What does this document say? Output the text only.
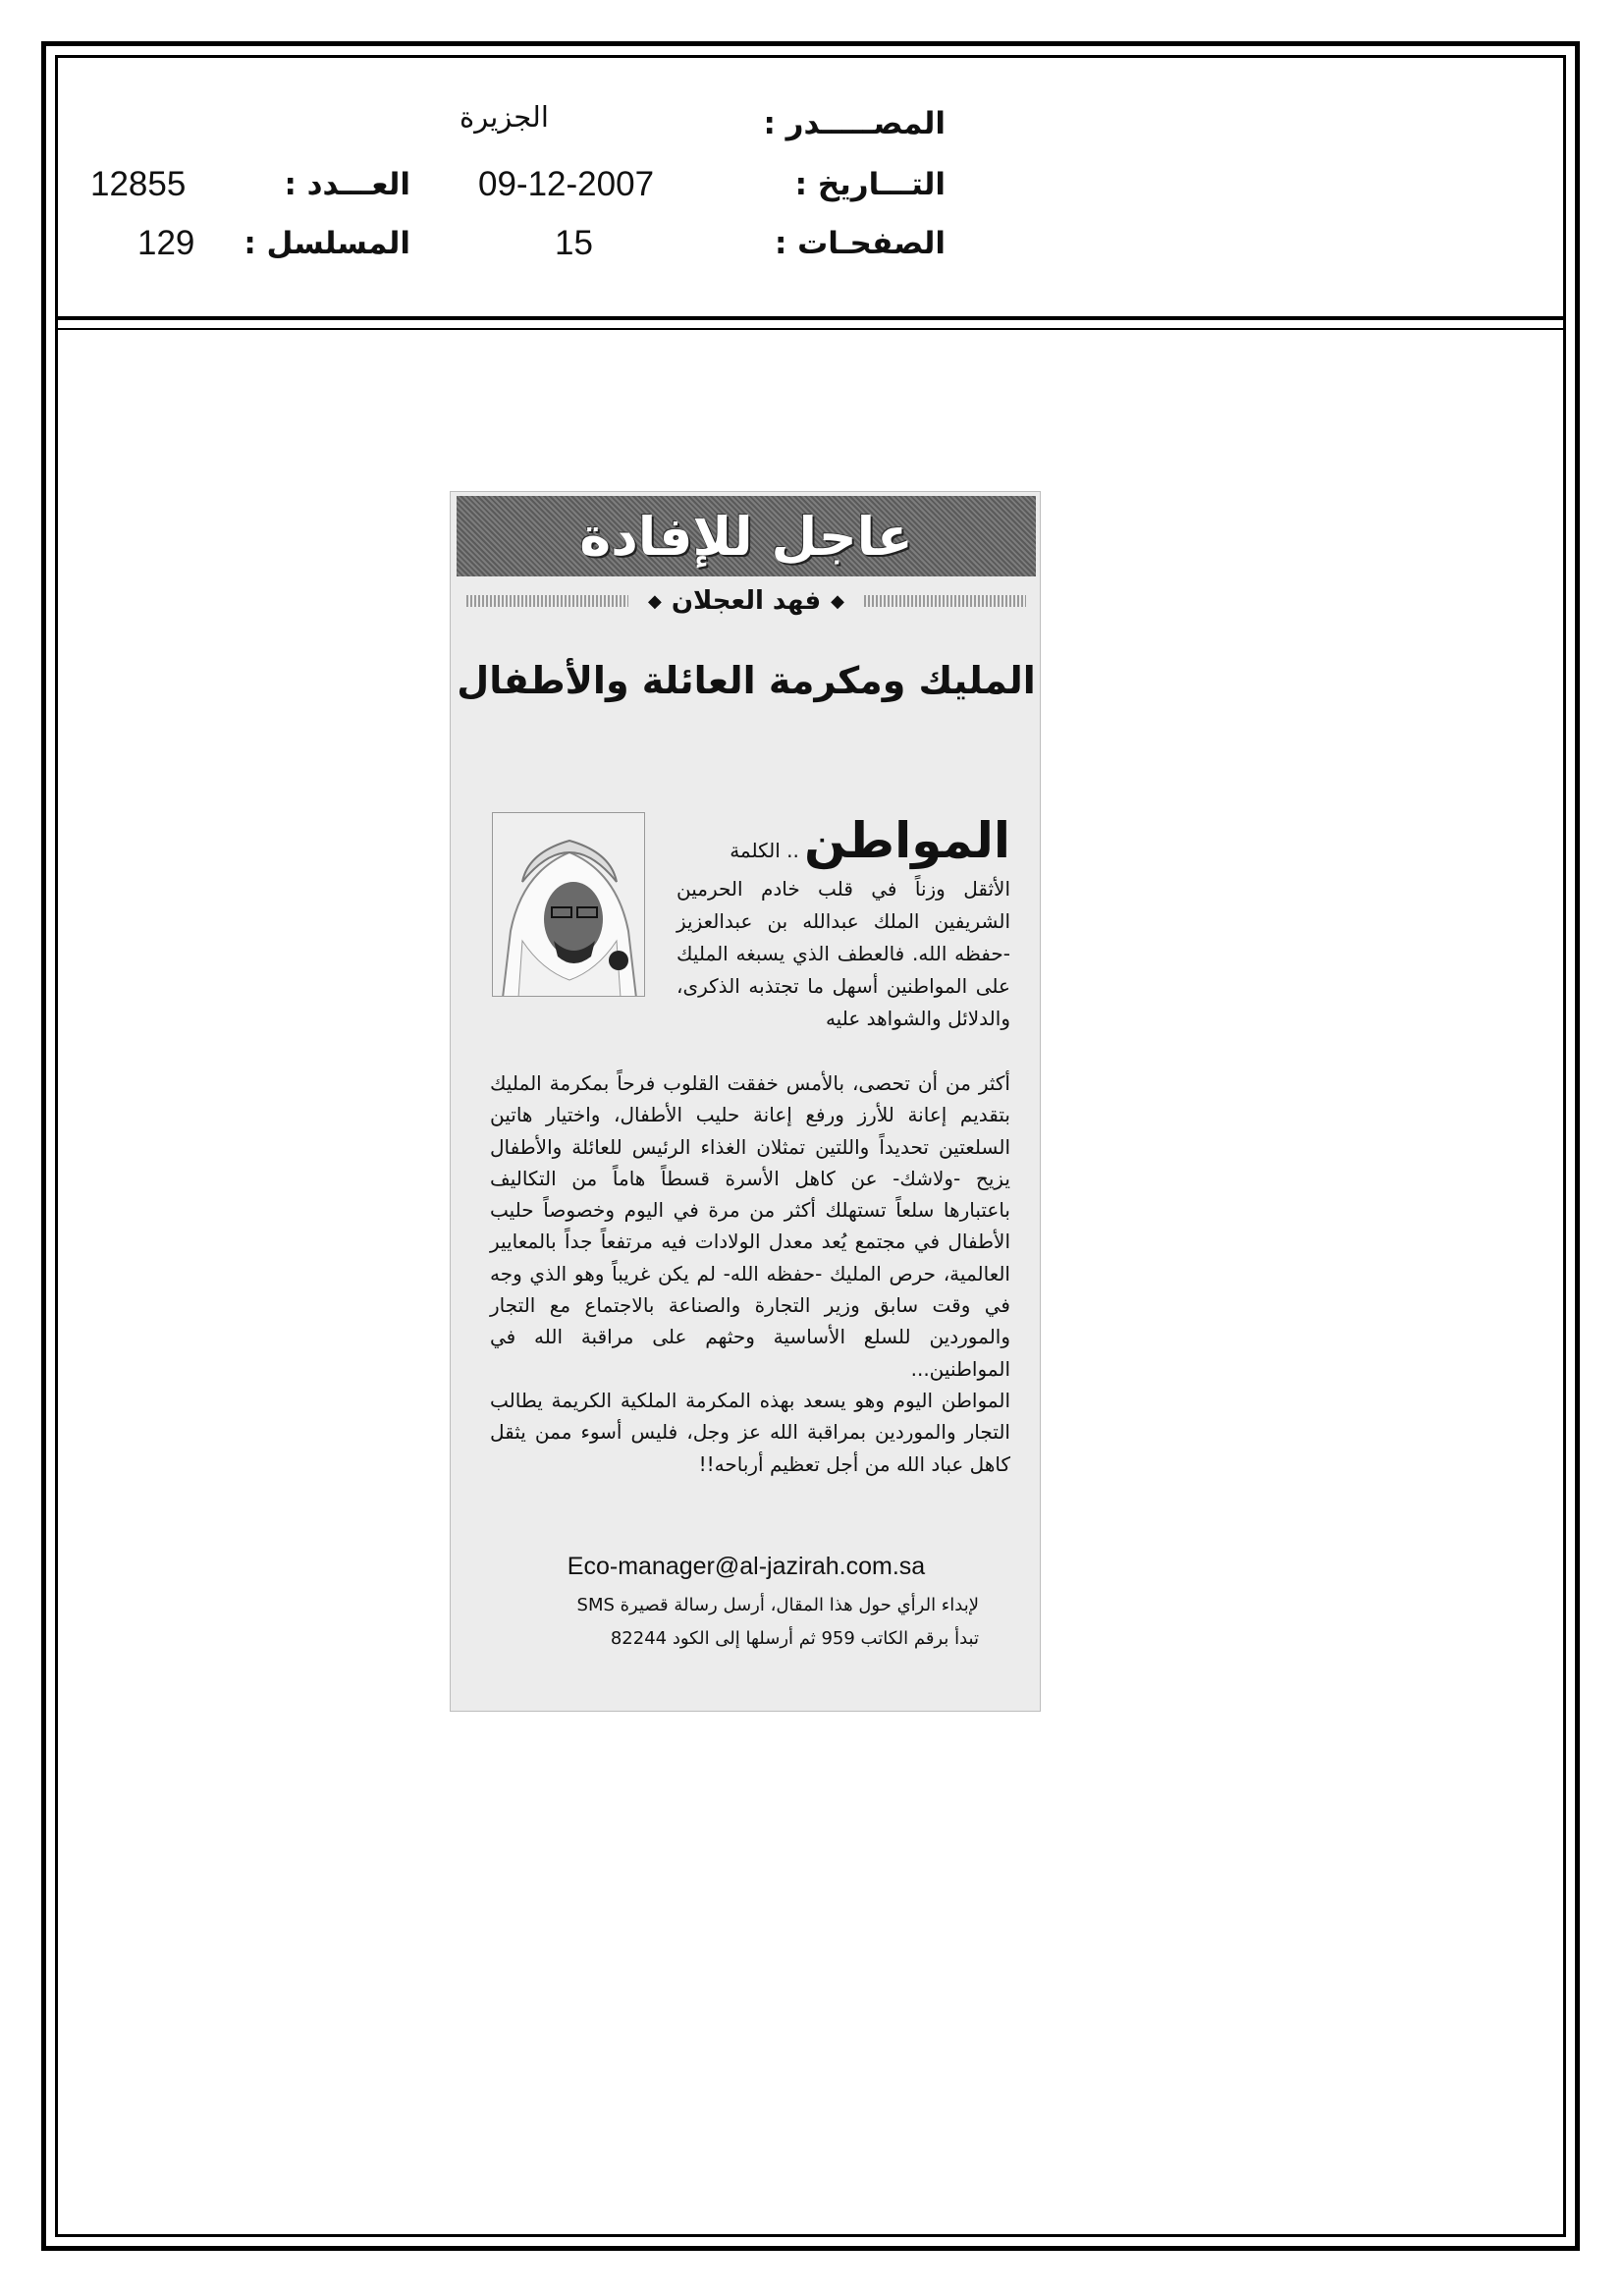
المصـــــدر :
الجزيرة
التـــاريخ :
09-12-2007
الصفحـات :
15
العـــدد :
12855
المسلسل :
129
عاجل للإفادة
◆ فهد العجلان ◆
المليك ومكرمة العائلة والأطفال
المواطن .. الكلمة
الأثقل وزناً في قلب خادم الحرمين الشريفين الملك عبدالله بن عبدالعزيز -حفظه الله. فالعطف الذي يسبغه المليك على المواطنين أسهل ما تجتذبه الذكرى، والدلائل والشواهد عليه

أكثر من أن تحصى، بالأمس خفقت القلوب فرحاً بمكرمة المليك بتقديم إعانة للأرز ورفع إعانة حليب الأطفال، واختيار هاتين السلعتين تحديداً واللتين تمثلان الغذاء الرئيس للعائلة والأطفال يزيح -ولاشك- عن كاهل الأسرة قسطاً هاماً من التكاليف باعتبارها سلعاً تستهلك أكثر من مرة في اليوم وخصوصاً حليب الأطفال في مجتمع يُعد معدل الولادات فيه مرتفعاً جداً بالمعايير العالمية، حرص المليك -حفظه الله- لم يكن غريباً وهو الذي وجه في وقت سابق وزير التجارة والصناعة بالاجتماع مع التجار والموردين للسلع الأساسية وحثهم على مراقبة الله في المواطنين...

المواطن اليوم وهو يسعد بهذه المكرمة الملكية الكريمة يطالب التجار والموردين بمراقبة الله عز وجل، فليس أسوء ممن يثقل كاهل عباد الله من أجل تعظيم أرباحه!!

Eco-manager@al-jazirah.com.sa
لإبداء الرأي حول هذا المقال، أرسل رسالة قصيرة SMS
تبدأ برقم الكاتب 959 ثم أرسلها إلى الكود 82244
